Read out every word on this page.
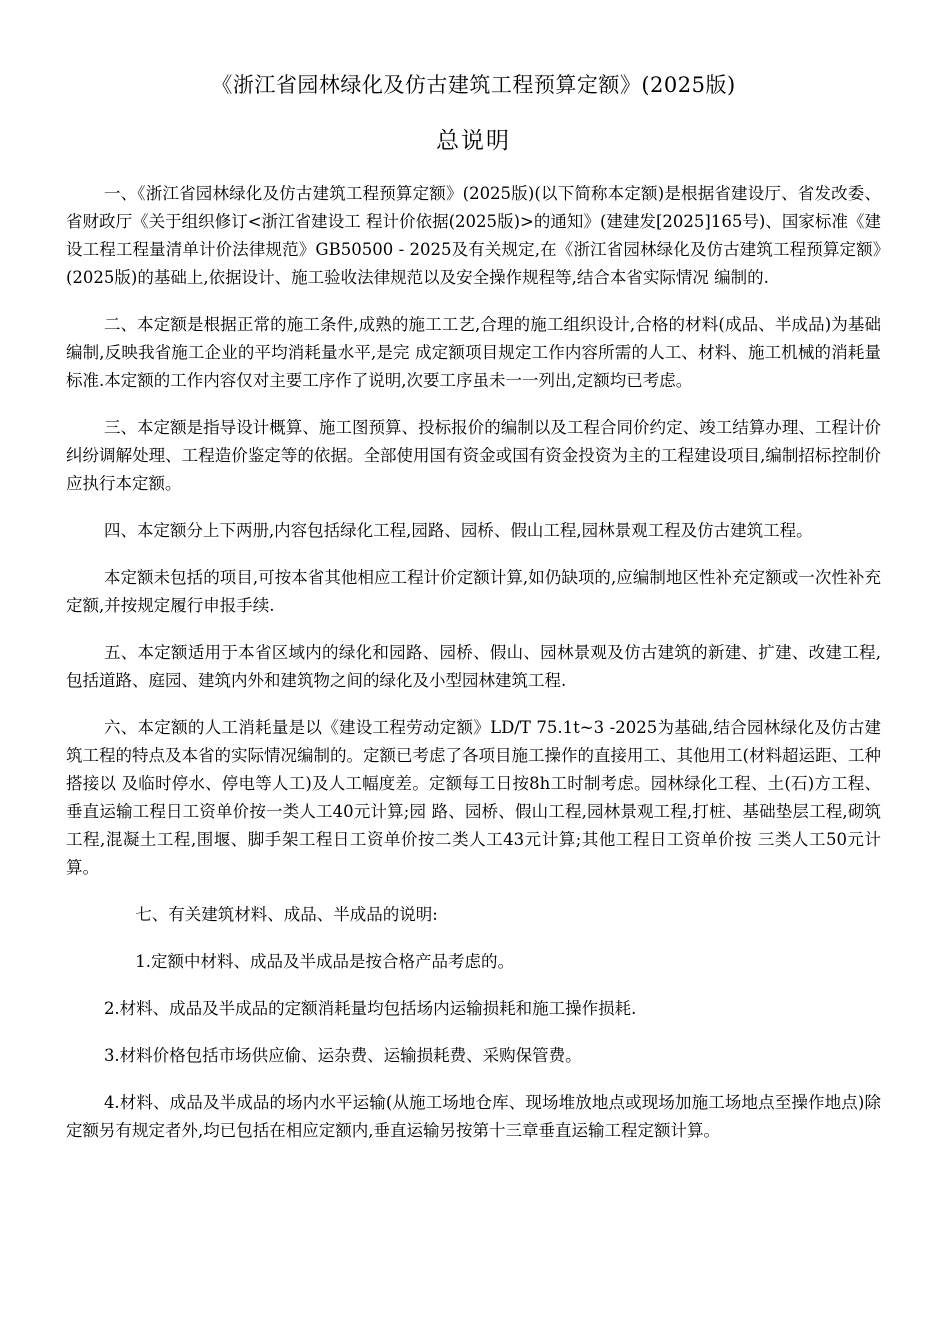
《浙江省园林绿化及仿古建筑工程预算定额》(2025版)
总说明

一、《浙江省园林绿化及仿古建筑工程预算定额》(2025版)(以下简称本定额)是根据省建设厅、省发改委、省财政厅《关于组织修订<浙江省建设工 程计价依据(2025版)>的通知》(建建发[2025]165号)、国家标准《建设工程工程量清单计价法律规范》GB50500 - 2025及有关规定,在《浙江省园林绿化及仿古建筑工程预算定额》(2025版)的基础上,依据设计、施工验收法律规范以及安全操作规程等,结合本省实际情况 编制的.

二、本定额是根据正常的施工条件,成熟的施工工艺,合理的施工组织设计,合格的材料(成品、半成品)为基础编制,反映我省施工企业的平均消耗量水平,是完 成定额项目规定工作内容所需的人工、材料、施工机械的消耗量标准.本定额的工作内容仅对主要工序作了说明,次要工序虽未一一列出,定额均已考虑。

三、本定额是指导设计概算、施工图预算、投标报价的编制以及工程合同价约定、竣工结算办理、工程计价纠纷调解处理、工程造价鉴定等的依据。全部使用国有资金或国有资金投资为主的工程建设项目,编制招标控制价应执行本定额。

四、本定额分上下两册,内容包括绿化工程,园路、园桥、假山工程,园林景观工程及仿古建筑工程。

本定额未包括的项目,可按本省其他相应工程计价定额计算,如仍缺项的,应编制地区性补充定额或一次性补充定额,并按规定履行申报手续.

五、本定额适用于本省区域内的绿化和园路、园桥、假山、园林景观及仿古建筑的新建、扩建、改建工程,包括道路、庭园、建筑内外和建筑物之间的绿化及小型园林建筑工程.

六、本定额的人工消耗量是以《建设工程劳动定额》LD/T 75.1t~3 -2025为基础,结合园林绿化及仿古建筑工程的特点及本省的实际情况编制的。定额已考虑了各项目施工操作的直接用工、其他用工(材料超运距、工种搭接以 及临时停水、停电等人工)及人工幅度差。定额每工日按8h工时制考虑。园林绿化工程、土(石)方工程、垂直运输工程日工资单价按一类人工40元计算;园 路、园桥、假山工程,园林景观工程,打桩、基础垫层工程,砌筑工程,混凝土工程,围堰、脚手架工程日工资单价按二类人工43元计算;其他工程日工资单价按 三类人工50元计算。

七、有关建筑材料、成品、半成品的说明:

1.定额中材料、成品及半成品是按合格产品考虑的。

2.材料、成品及半成品的定额消耗量均包括场内运输损耗和施工操作损耗.

3.材料价格包括市场供应偷、运杂费、运输损耗费、采购保管费。

4.材料、成品及半成品的场内水平运输(从施工场地仓库、现场堆放地点或现场加施工场地点至操作地点)除定额另有规定者外,均已包括在相应定额内,垂直运输另按第十三章垂直运输工程定额计算。
